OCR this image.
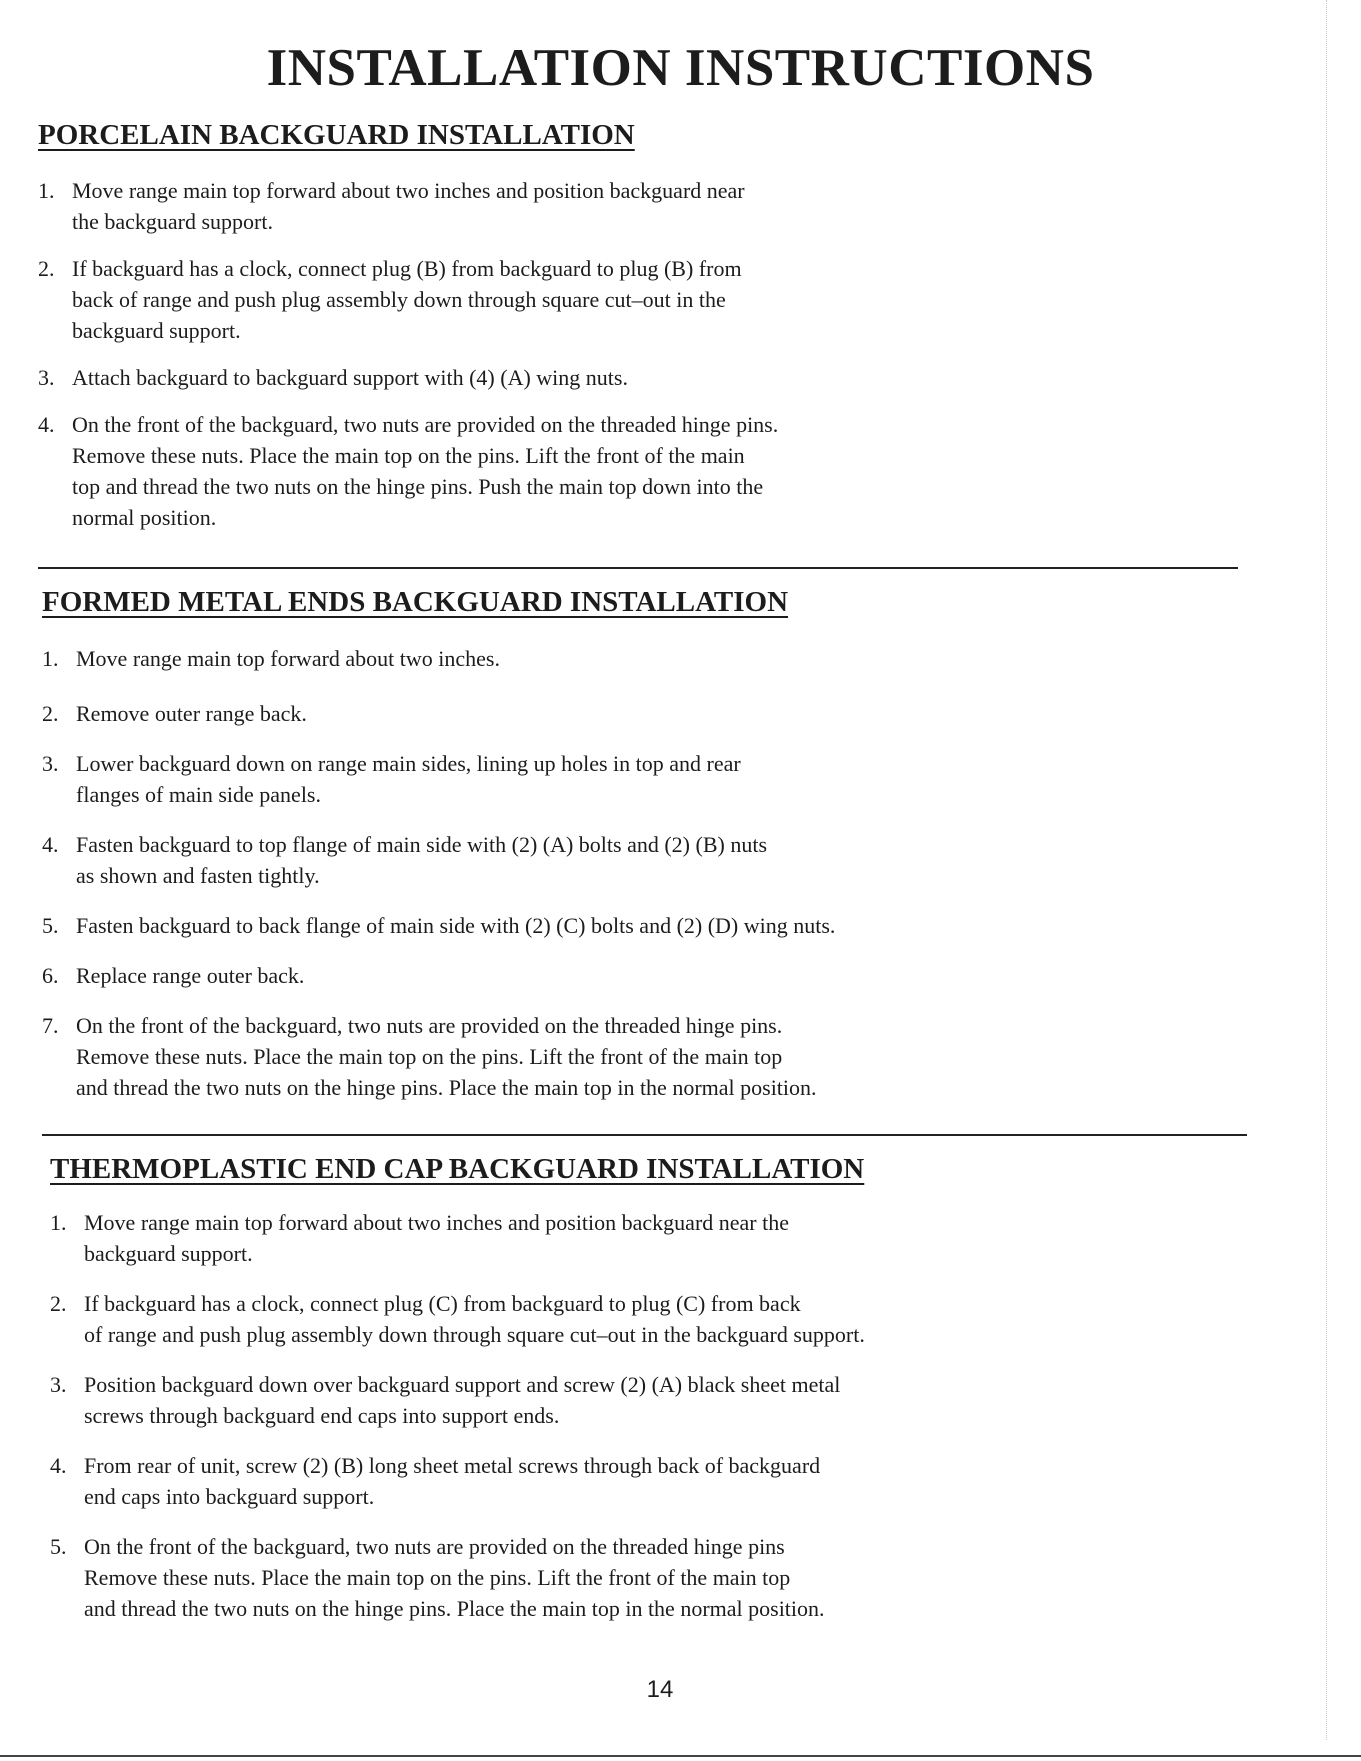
INSTALLATION INSTRUCTIONS
PORCELAIN BACKGUARD INSTALLATION
1. Move range main top forward about two inches and position backguard near
the backguard support.
2. If backguard has a clock, connect plug (B) from backguard to plug (B) from
back of range and push plug assembly down through square cut–out in the
backguard support.
3. Attach backguard to backguard support with (4) (A) wing nuts.
4. On the front of the backguard, two nuts are provided on the threaded hinge pins.
Remove these nuts. Place the main top on the pins. Lift the front of the main
top and thread the two nuts on the hinge pins. Push the main top down into the
normal position.
FORMED METAL ENDS BACKGUARD INSTALLATION
1. Move range main top forward about two inches.
2. Remove outer range back.
3. Lower backguard down on range main sides, lining up holes in top and rear
flanges of main side panels.
4. Fasten backguard to top flange of main side with (2) (A) bolts and (2) (B) nuts
as shown and fasten tightly.
5. Fasten backguard to back flange of main side with (2) (C) bolts and (2) (D) wing nuts.
6. Replace range outer back.
7. On the front of the backguard, two nuts are provided on the threaded hinge pins.
Remove these nuts. Place the main top on the pins. Lift the front of the main top
and thread the two nuts on the hinge pins. Place the main top in the normal position.
THERMOPLASTIC END CAP BACKGUARD INSTALLATION
1. Move range main top forward about two inches and position backguard near the
backguard support.
2. If backguard has a clock, connect plug (C) from backguard to plug (C) from back
of range and push plug assembly down through square cut–out in the backguard support.
3. Position backguard down over backguard support and screw (2) (A) black sheet metal
screws through backguard end caps into support ends.
4. From rear of unit, screw (2) (B) long sheet metal screws through back of backguard
end caps into backguard support.
5. On the front of the backguard, two nuts are provided on the threaded hinge pins
Remove these nuts. Place the main top on the pins. Lift the front of the main top
and thread the two nuts on the hinge pins. Place the main top in the normal position.
14
